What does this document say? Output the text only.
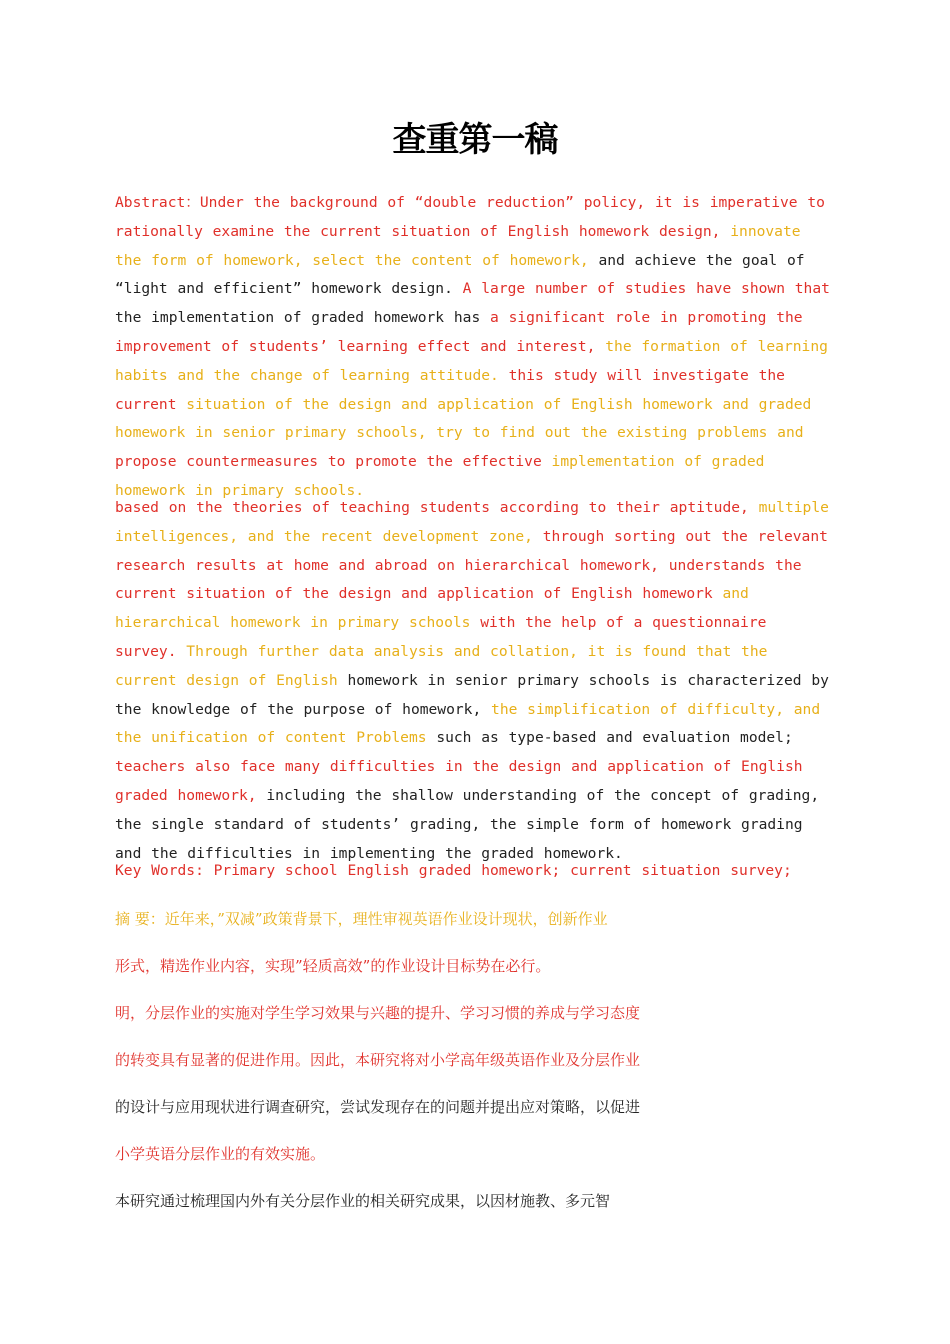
查重第一稿

Abstract：Under the background of “double reduction” policy, it is imperative to rationally examine the current situation of English homework design, innovate the form of homework, select the content of homework, and achieve the goal of “light and efficient” homework design. A large number of studies have shown that the implementation of graded homework has a significant role in promoting the improvement of students’ learning effect and interest, the formation of learning habits and the change of learning attitude. this study will investigate the current situation of the design and application of English homework and graded homework in senior primary schools, try to find out the existing problems and propose countermeasures to promote the effective implementation of graded homework in primary schools.

based on the theories of teaching students according to their aptitude, multiple intelligences, and the recent development zone, through sorting out the relevant research results at home and abroad on hierarchical homework, understands the current situation of the design and application of English homework and hierarchical homework in primary schools with the help of a questionnaire survey. Through further data analysis and collation, it is found that the current design of English homework in senior primary schools is characterized by the knowledge of the purpose of homework, the simplification of difficulty, and the unification of content Problems such as type-based and evaluation model; teachers also face many difficulties in the design and application of English graded homework, including the shallow understanding of the concept of grading, the single standard of students’ grading, the simple form of homework grading and the difficulties in implementing the graded homework.

Key Words: Primary school English graded homework; current situation survey;

摘 要：近年来，”双减”政策背景下，理性审视英语作业设计现状，创新作业

形式，精选作业内容，实现”轻质高效”的作业设计目标势在必行。

明，分层作业的实施对学生学习效果与兴趣的提升、学习习惯的养成与学习态度

的转变具有显著的促进作用。因此，本研究将对小学高年级英语作业及分层作业

的设计与应用现状进行调查研究，尝试发现存在的问题并提出应对策略，以促进

小学英语分层作业的有效实施。

本研究通过梳理国内外有关分层作业的相关研究成果，以因材施教、多元智
